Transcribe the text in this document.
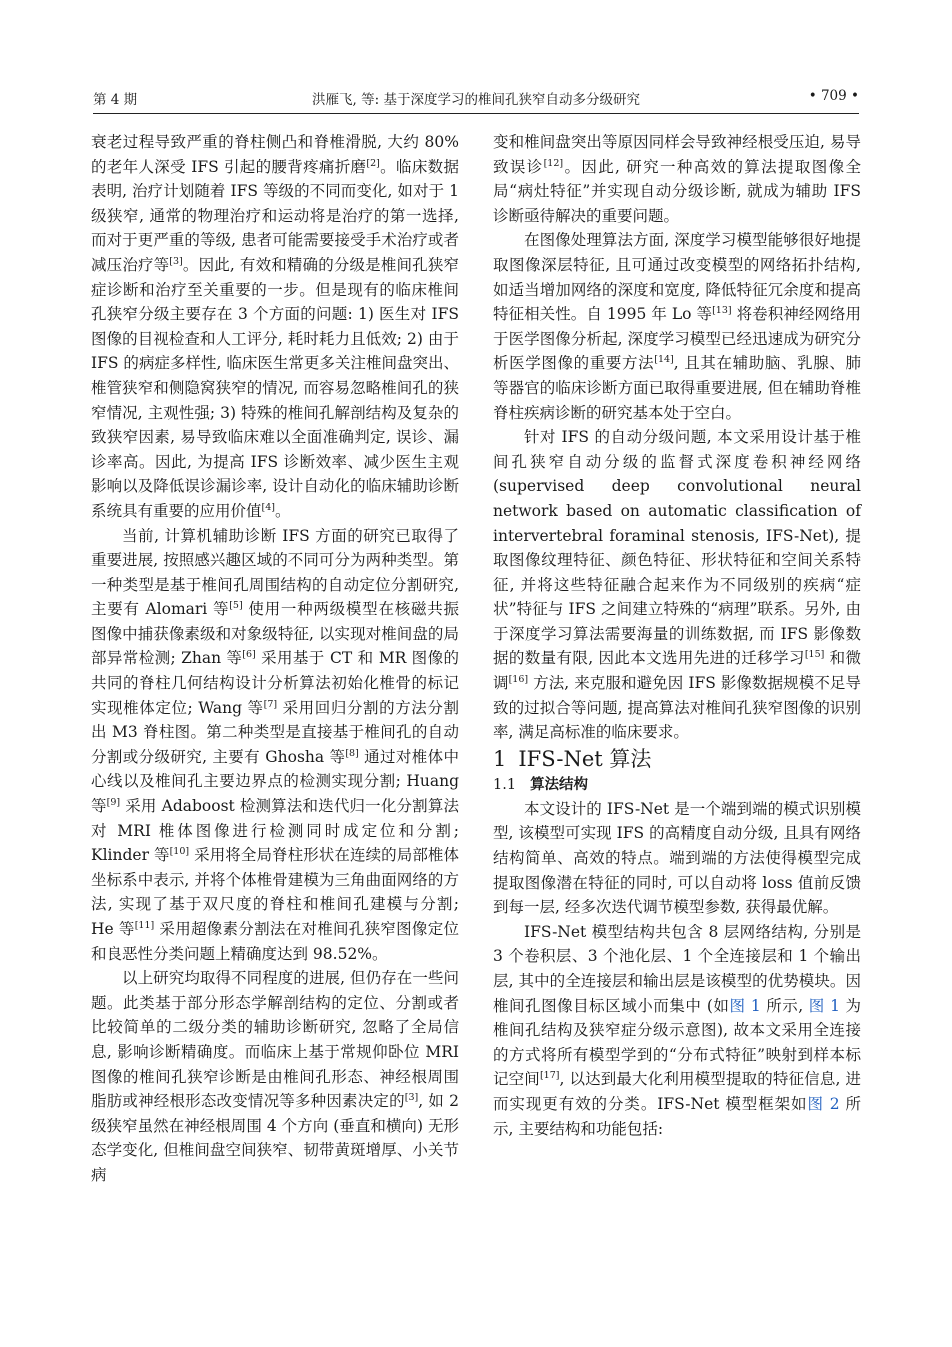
第 4 期	洪雁飞, 等: 基于深度学习的椎间孔狭窄自动多分级研究	• 709 •

衰老过程导致严重的脊柱侧凸和脊椎滑脱, 大约 80% 的老年人深受 IFS 引起的腰背疼痛折磨[2]。临床数据表明, 治疗计划随着 IFS 等级的不同而变化, 如对于 1 级狭窄, 通常的物理治疗和运动将是治疗的第一选择, 而对于更严重的等级, 患者可能需要接受手术治疗或者减压治疗等[3]。因此, 有效和精确的分级是椎间孔狭窄症诊断和治疗至关重要的一步。但是现有的临床椎间孔狭窄分级主要存在 3 个方面的问题: 1) 医生对 IFS 图像的目视检查和人工评分, 耗时耗力且低效; 2) 由于 IFS 的病症多样性, 临床医生常更多关注椎间盘突出、椎管狭窄和侧隐窝狭窄的情况, 而容易忽略椎间孔的狭窄情况, 主观性强; 3) 特殊的椎间孔解剖结构及复杂的致狭窄因素, 易导致临床难以全面准确判定, 误诊、漏诊率高。因此, 为提高 IFS 诊断效率、减少医生主观影响以及降低误诊漏诊率, 设计自动化的临床辅助诊断系统具有重要的应用价值[4]。

当前, 计算机辅助诊断 IFS 方面的研究已取得了重要进展, 按照感兴趣区域的不同可分为两种类型。第一种类型是基于椎间孔周围结构的自动定位分割研究, 主要有 Alomari 等[5] 使用一种两级模型在核磁共振图像中捕获像素级和对象级特征, 以实现对椎间盘的局部异常检测; Zhan 等[6] 采用基于 CT 和 MR 图像的共同的脊柱几何结构设计分析算法初始化椎骨的标记实现椎体定位; Wang 等[7] 采用回归分割的方法分割出 M3 脊柱图。第二种类型是直接基于椎间孔的自动分割或分级研究, 主要有 Ghosha 等[8] 通过对椎体中心线以及椎间孔主要边界点的检测实现分割; Huang 等[9] 采用 Adaboost 检测算法和迭代归一化分割算法对 MRI 椎体图像进行检测同时成定位和分割; Klinder 等[10] 采用将全局脊柱形状在连续的局部椎体坐标系中表示, 并将个体椎骨建模为三角曲面网络的方法, 实现了基于双尺度的脊柱和椎间孔建模与分割; He 等[11] 采用超像素分割法在对椎间孔狭窄图像定位和良恶性分类问题上精确度达到 98.52%。

以上研究均取得不同程度的进展, 但仍存在一些问题。此类基于部分形态学解剖结构的定位、分割或者比较简单的二级分类的辅助诊断研究, 忽略了全局信息, 影响诊断精确度。而临床上基于常规仰卧位 MRI 图像的椎间孔狭窄诊断是由椎间孔形态、神经根周围脂肪或神经根形态改变情况等多种因素决定的[3], 如 2 级狭窄虽然在神经根周围 4 个方向 (垂直和横向) 无形态学变化, 但椎间盘空间狭窄、韧带黄斑增厚、小关节病

变和椎间盘突出等原因同样会导致神经根受压迫, 易导致误诊[12]。因此, 研究一种高效的算法提取图像全局“病灶特征”并实现自动分级诊断, 就成为辅助 IFS 诊断亟待解决的重要问题。

在图像处理算法方面, 深度学习模型能够很好地提取图像深层特征, 且可通过改变模型的网络拓扑结构, 如适当增加网络的深度和宽度, 降低特征冗余度和提高特征相关性。自 1995 年 Lo 等[13] 将卷积神经网络用于医学图像分析起, 深度学习模型已经迅速成为研究分析医学图像的重要方法[14], 且其在辅助脑、乳腺、肺等器官的临床诊断方面已取得重要进展, 但在辅助脊椎脊柱疾病诊断的研究基本处于空白。

针对 IFS 的自动分级问题, 本文采用设计基于椎间孔狭窄自动分级的监督式深度卷积神经网络 (supervised deep convolutional neural network based on automatic classification of intervertebral foraminal stenosis, IFS-Net), 提取图像纹理特征、颜色特征、形状特征和空间关系特征, 并将这些特征融合起来作为不同级别的疾病“症状”特征与 IFS 之间建立特殊的“病理”联系。另外, 由于深度学习算法需要海量的训练数据, 而 IFS 影像数据的数量有限, 因此本文选用先进的迁移学习[15] 和微调[16] 方法, 来克服和避免因 IFS 影像数据规模不足导致的过拟合等问题, 提高算法对椎间孔狭窄图像的识别率, 满足高标准的临床要求。

1 IFS-Net 算法

1.1 算法结构

本文设计的 IFS-Net 是一个端到端的模式识别模型, 该模型可实现 IFS 的高精度自动分级, 且具有网络结构简单、高效的特点。端到端的方法使得模型完成提取图像潜在特征的同时, 可以自动将 loss 值前反馈到每一层, 经多次迭代调节模型参数, 获得最优解。

IFS-Net 模型结构共包含 8 层网络结构, 分别是 3 个卷积层、3 个池化层、1 个全连接层和 1 个输出层, 其中的全连接层和输出层是该模型的优势模块。因椎间孔图像目标区域小而集中 (如图 1 所示, 图 1 为椎间孔结构及狭窄症分级示意图), 故本文采用全连接的方式将所有模型学到的“分布式特征”映射到样本标记空间[17], 以达到最大化利用模型提取的特征信息, 进而实现更有效的分类。IFS-Net 模型框架如图 2 所示, 主要结构和功能包括:
